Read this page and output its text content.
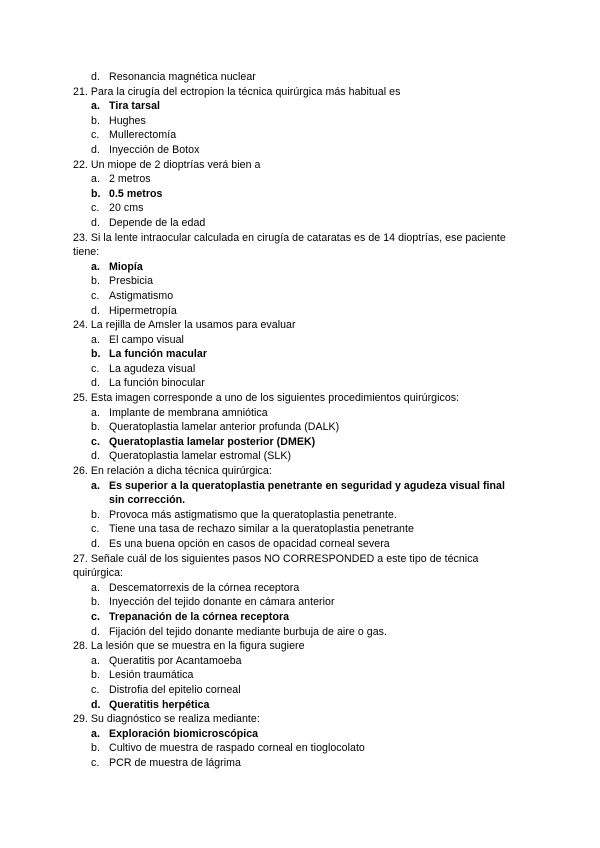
d. Resonancia magnética nuclear
21. Para la cirugía del ectropion la técnica quirúrgica más habitual es
a. Tira tarsal
b. Hughes
c. Mullerectomía
d. Inyección de Botox
22. Un miope de 2 dioptrías verá bien a
a. 2 metros
b. 0.5 metros
c. 20 cms
d. Depende de la edad
23. Si la lente intraocular calculada en cirugía de cataratas es de 14 dioptrías, ese paciente
tiene:
a. Miopía
b. Presbicia
c. Astigmatismo
d. Hipermetropía
24. La rejilla de Amsler la usamos para evaluar
a. El campo visual
b. La función macular
c. La agudeza visual
d. La función binocular
25. Esta imagen corresponde a uno de los siguientes procedimientos quirúrgicos:
a. Implante de membrana amniótica
b. Queratoplastia lamelar anterior profunda (DALK)
c. Queratoplastia lamelar posterior (DMEK)
d. Queratoplastia lamelar estromal (SLK)
26. En relación a dicha técnica quirúrgica:
a. Es superior a la queratoplastia penetrante en seguridad y agudeza visual final
sin corrección.
b. Provoca más astigmatismo que la queratoplastia penetrante.
c. Tiene una tasa de rechazo similar a la queratoplastia penetrante
d. Es una buena opción en casos de opacidad corneal severa
27. Señale cuál de los siguientes pasos NO CORRESPONDED a este tipo de técnica
quirúrgica:
a. Descematorrexis de la córnea receptora
b. Inyección del tejido donante en cámara anterior
c. Trepanación de la córnea receptora
d. Fijación del tejido donante mediante burbuja de aire o gas.
28. La lesión que se muestra en la figura sugiere
a. Queratitis por Acantamoeba
b. Lesión traumática
c. Distrofia del epitelio corneal
d. Queratitis herpética
29. Su diagnóstico se realiza mediante:
a. Exploración biomicroscópica
b. Cultivo de muestra de raspado corneal en tioglocolato
c. PCR de muestra de lágrima
